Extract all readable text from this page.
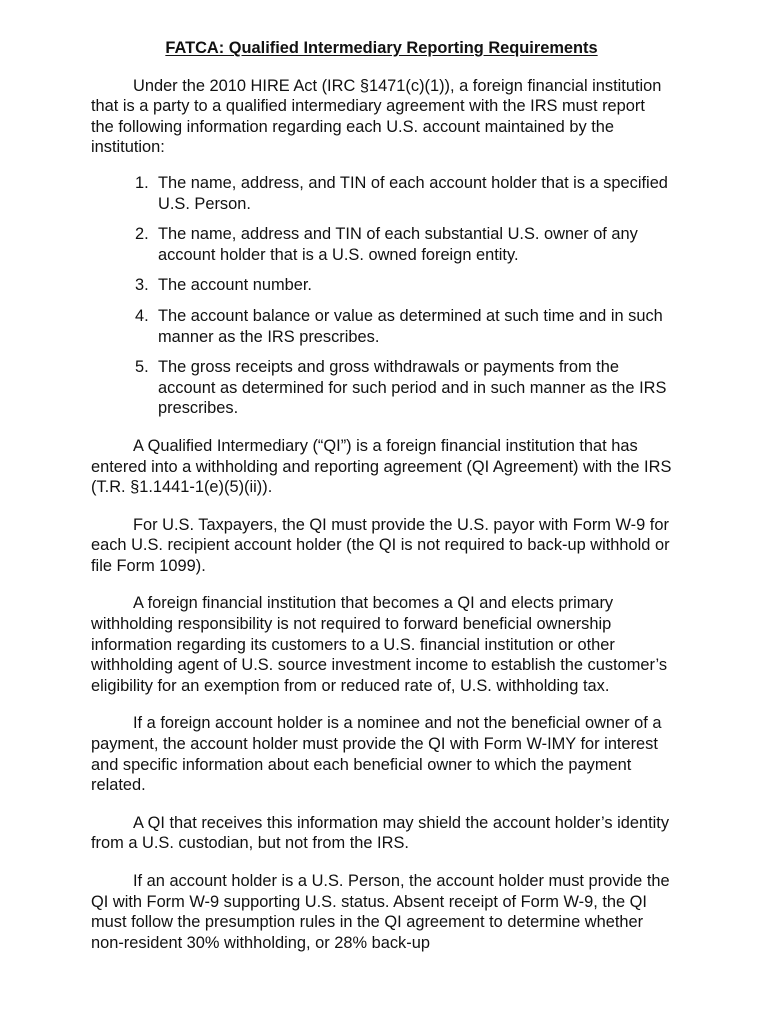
FATCA: Qualified Intermediary Reporting Requirements

Under the 2010 HIRE Act (IRC §1471(c)(1)), a foreign financial institution that is a party to a qualified intermediary agreement with the IRS must report the following information regarding each U.S. account maintained by the institution:

1. The name, address, and TIN of each account holder that is a specified U.S. Person.
2. The name, address and TIN of each substantial U.S. owner of any account holder that is a U.S. owned foreign entity.
3. The account number.
4. The account balance or value as determined at such time and in such manner as the IRS prescribes.
5. The gross receipts and gross withdrawals or payments from the account as determined for such period and in such manner as the IRS prescribes.

A Qualified Intermediary (“QI”) is a foreign financial institution that has entered into a withholding and reporting agreement (QI Agreement) with the IRS (T.R. §1.1441-1(e)(5)(ii)).

For U.S. Taxpayers, the QI must provide the U.S. payor with Form W-9 for each U.S. recipient account holder (the QI is not required to back-up withhold or file Form 1099).

A foreign financial institution that becomes a QI and elects primary withholding responsibility is not required to forward beneficial ownership information regarding its customers to a U.S. financial institution or other withholding agent of U.S. source investment income to establish the customer’s eligibility for an exemption from or reduced rate of, U.S. withholding tax.

If a foreign account holder is a nominee and not the beneficial owner of a payment, the account holder must provide the QI with Form W-IMY for interest and specific information about each beneficial owner to which the payment related.

A QI that receives this information may shield the account holder’s identity from a U.S. custodian, but not from the IRS.

If an account holder is a U.S. Person, the account holder must provide the QI with Form W-9 supporting U.S. status. Absent receipt of Form W-9, the QI must follow the presumption rules in the QI agreement to determine whether non-resident 30% withholding, or 28% back-up
